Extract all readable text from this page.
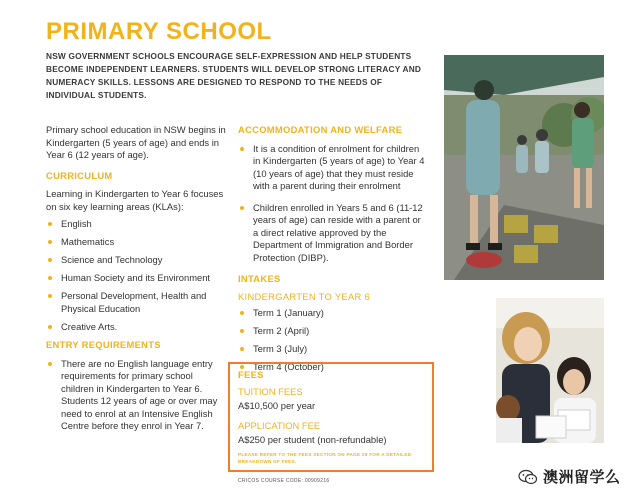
PRIMARY SCHOOL
NSW GOVERNMENT SCHOOLS ENCOURAGE SELF-EXPRESSION AND HELP STUDENTS BECOME INDEPENDENT LEARNERS. STUDENTS WILL DEVELOP STRONG LITERACY AND NUMERACY SKILLS. LESSONS ARE DESIGNED TO RESPOND TO THE NEEDS OF INDIVIDUAL STUDENTS.
Primary school education in NSW begins in Kindergarten (5 years of age) and ends in Year 6 (12 years of age).
CURRICULUM
Learning in Kindergarten to Year 6 focuses on six key learning areas (KLAs):
English
Mathematics
Science and Technology
Human Society and its Environment
Personal Development, Health and Physical Education
Creative Arts.
ENTRY REQUIREMENTS
There are no English language entry requirements for primary school children in Kindergarten to Year 6. Students 12 years of age or over may need to enrol at an Intensive English Centre before they enrol in Year 7.
ACCOMMODATION AND WELFARE
It is a condition of enrolment for children in Kindergarten (5 years of age) to Year 4 (10 years of age) that they must reside with a parent during their enrolment
Children enrolled in Years 5 and 6 (11-12 years of age) can reside with a parent or a direct relative approved by the Department of Immigration and Border Protection (DIBP).
INTAKES
KINDERGARTEN TO YEAR 6
Term 1 (January)
Term 2 (April)
Term 3 (July)
Term 4 (October)
FEES
TUITION FEES
A$10,500 per year
APPLICATION FEE
A$250 per student (non-refundable)
PLEASE REFER TO THE FEES SECTION ON PAGE 29 FOR A DETAILED BREAKDOWN OF FEES.
CRICOS COURSE CODE: 00909216	澳洲留学么
